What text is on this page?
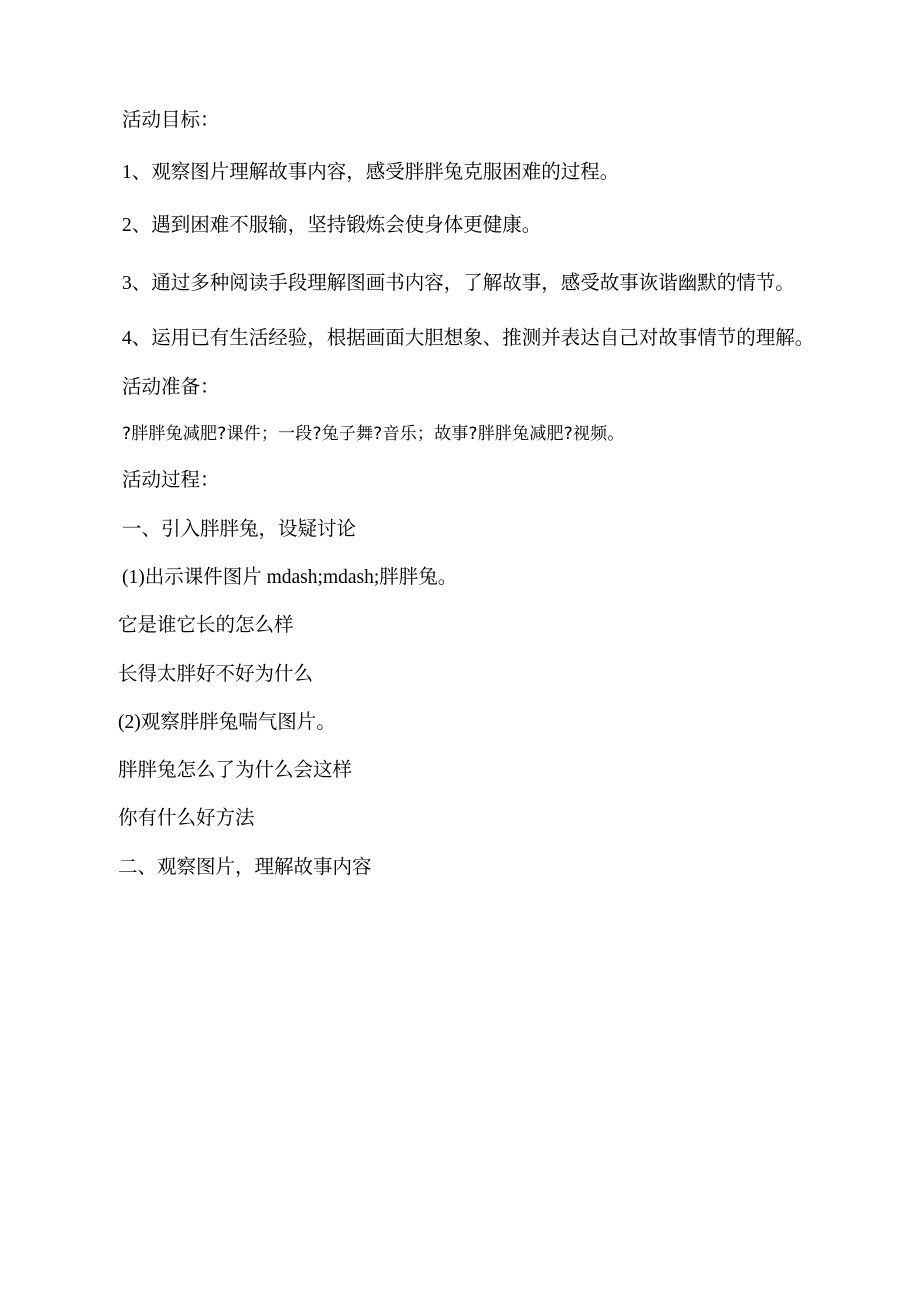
活动目标：

1、观察图片理解故事内容，感受胖胖兔克服困难的过程。

2、遇到困难不服输，坚持锻炼会使身体更健康。

3、通过多种阅读手段理解图画书内容，了解故事，感受故事诙谐幽默的情节。

4、运用已有生活经验，根据画面大胆想象、推测并表达自己对故事情节的理解。

活动准备：

?胖胖兔减肥?课件；一段?兔子舞?音乐；故事?胖胖兔减肥?视频。

活动过程：

一、引入胖胖兔，设疑讨论

(1)出示课件图片 mdash;mdash;胖胖兔。

它是谁它长的怎么样

长得太胖好不好为什么

(2)观察胖胖兔喘气图片。

胖胖兔怎么了为什么会这样

你有什么好方法

二、观察图片，理解故事内容
